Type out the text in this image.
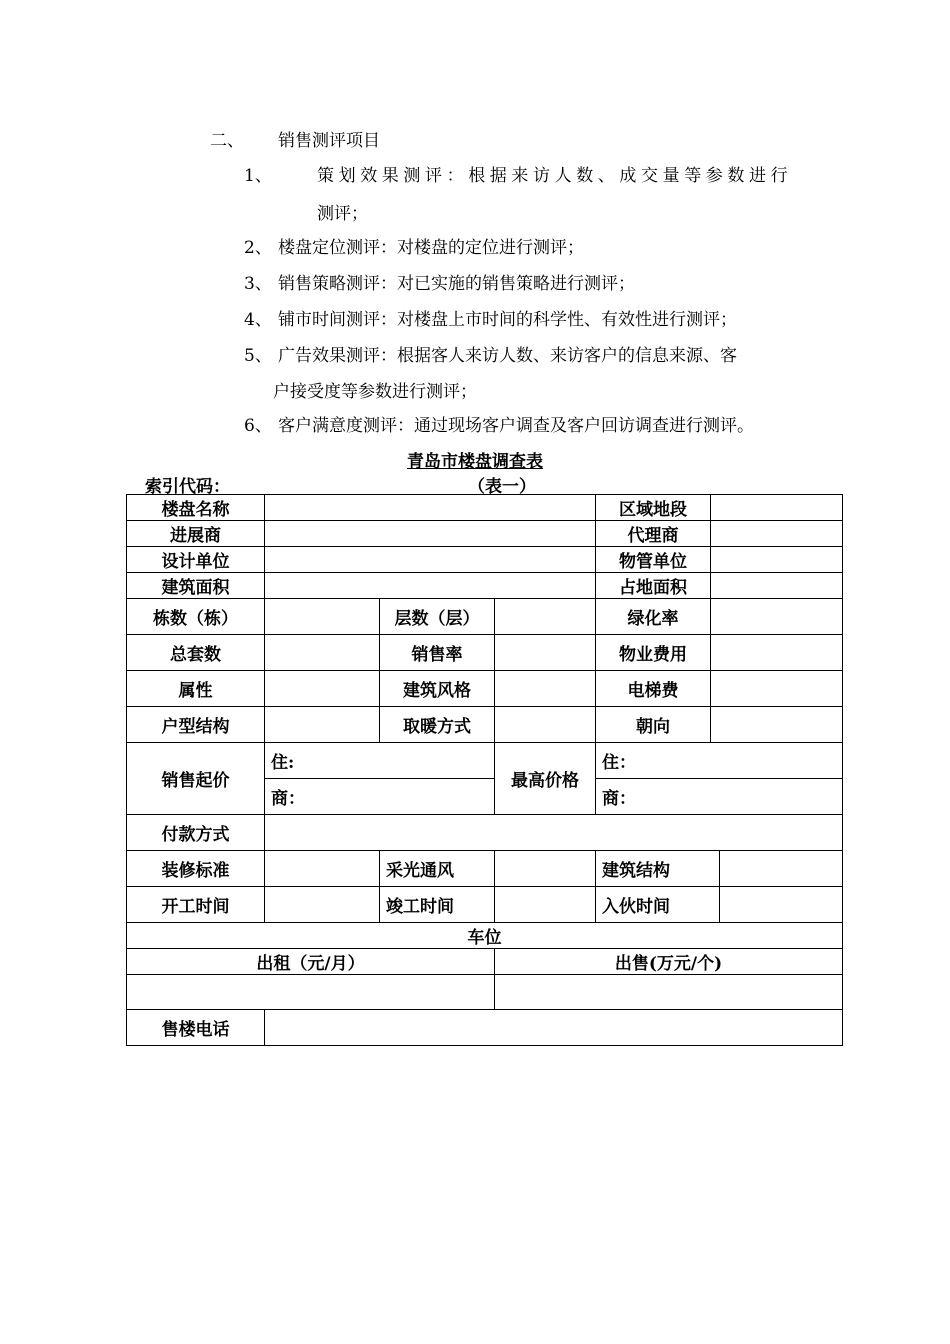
二、 销售测评项目
1、	策划效果测评：根据来访人数、成交量等参数进行
测评；
2、 楼盘定位测评：对楼盘的定位进行测评；
3、 销售策略测评：对已实施的销售策略进行测评；
4、 铺市时间测评：对楼盘上市时间的科学性、有效性进行测评；
5、 广告效果测评：根据客人来访人数、来访客户的信息来源、客
户接受度等参数进行测评；
6、 客户满意度测评：通过现场客户调查及客户回访调查进行测评。
青岛市楼盘调查表
索引代码：	（表一）
楼盘名称				区域地段		
进展商				代理商		
设计单位				物管单位		
建筑面积				占地面积		
栋数（栋）		层数（层）		绿化率		
总套数		销售率		物业费用		
属性		建筑风格		电梯费		
户型结构		取暖方式		朝向		
销售起价	住:		最高价格	住：		
	商：			商：		
付款方式						
装修标准		采光通风		建筑结构		
开工时间		竣工时间		入伙时间		
车位						
出租（元/月）			出售(万元/个)			

售楼电话						
